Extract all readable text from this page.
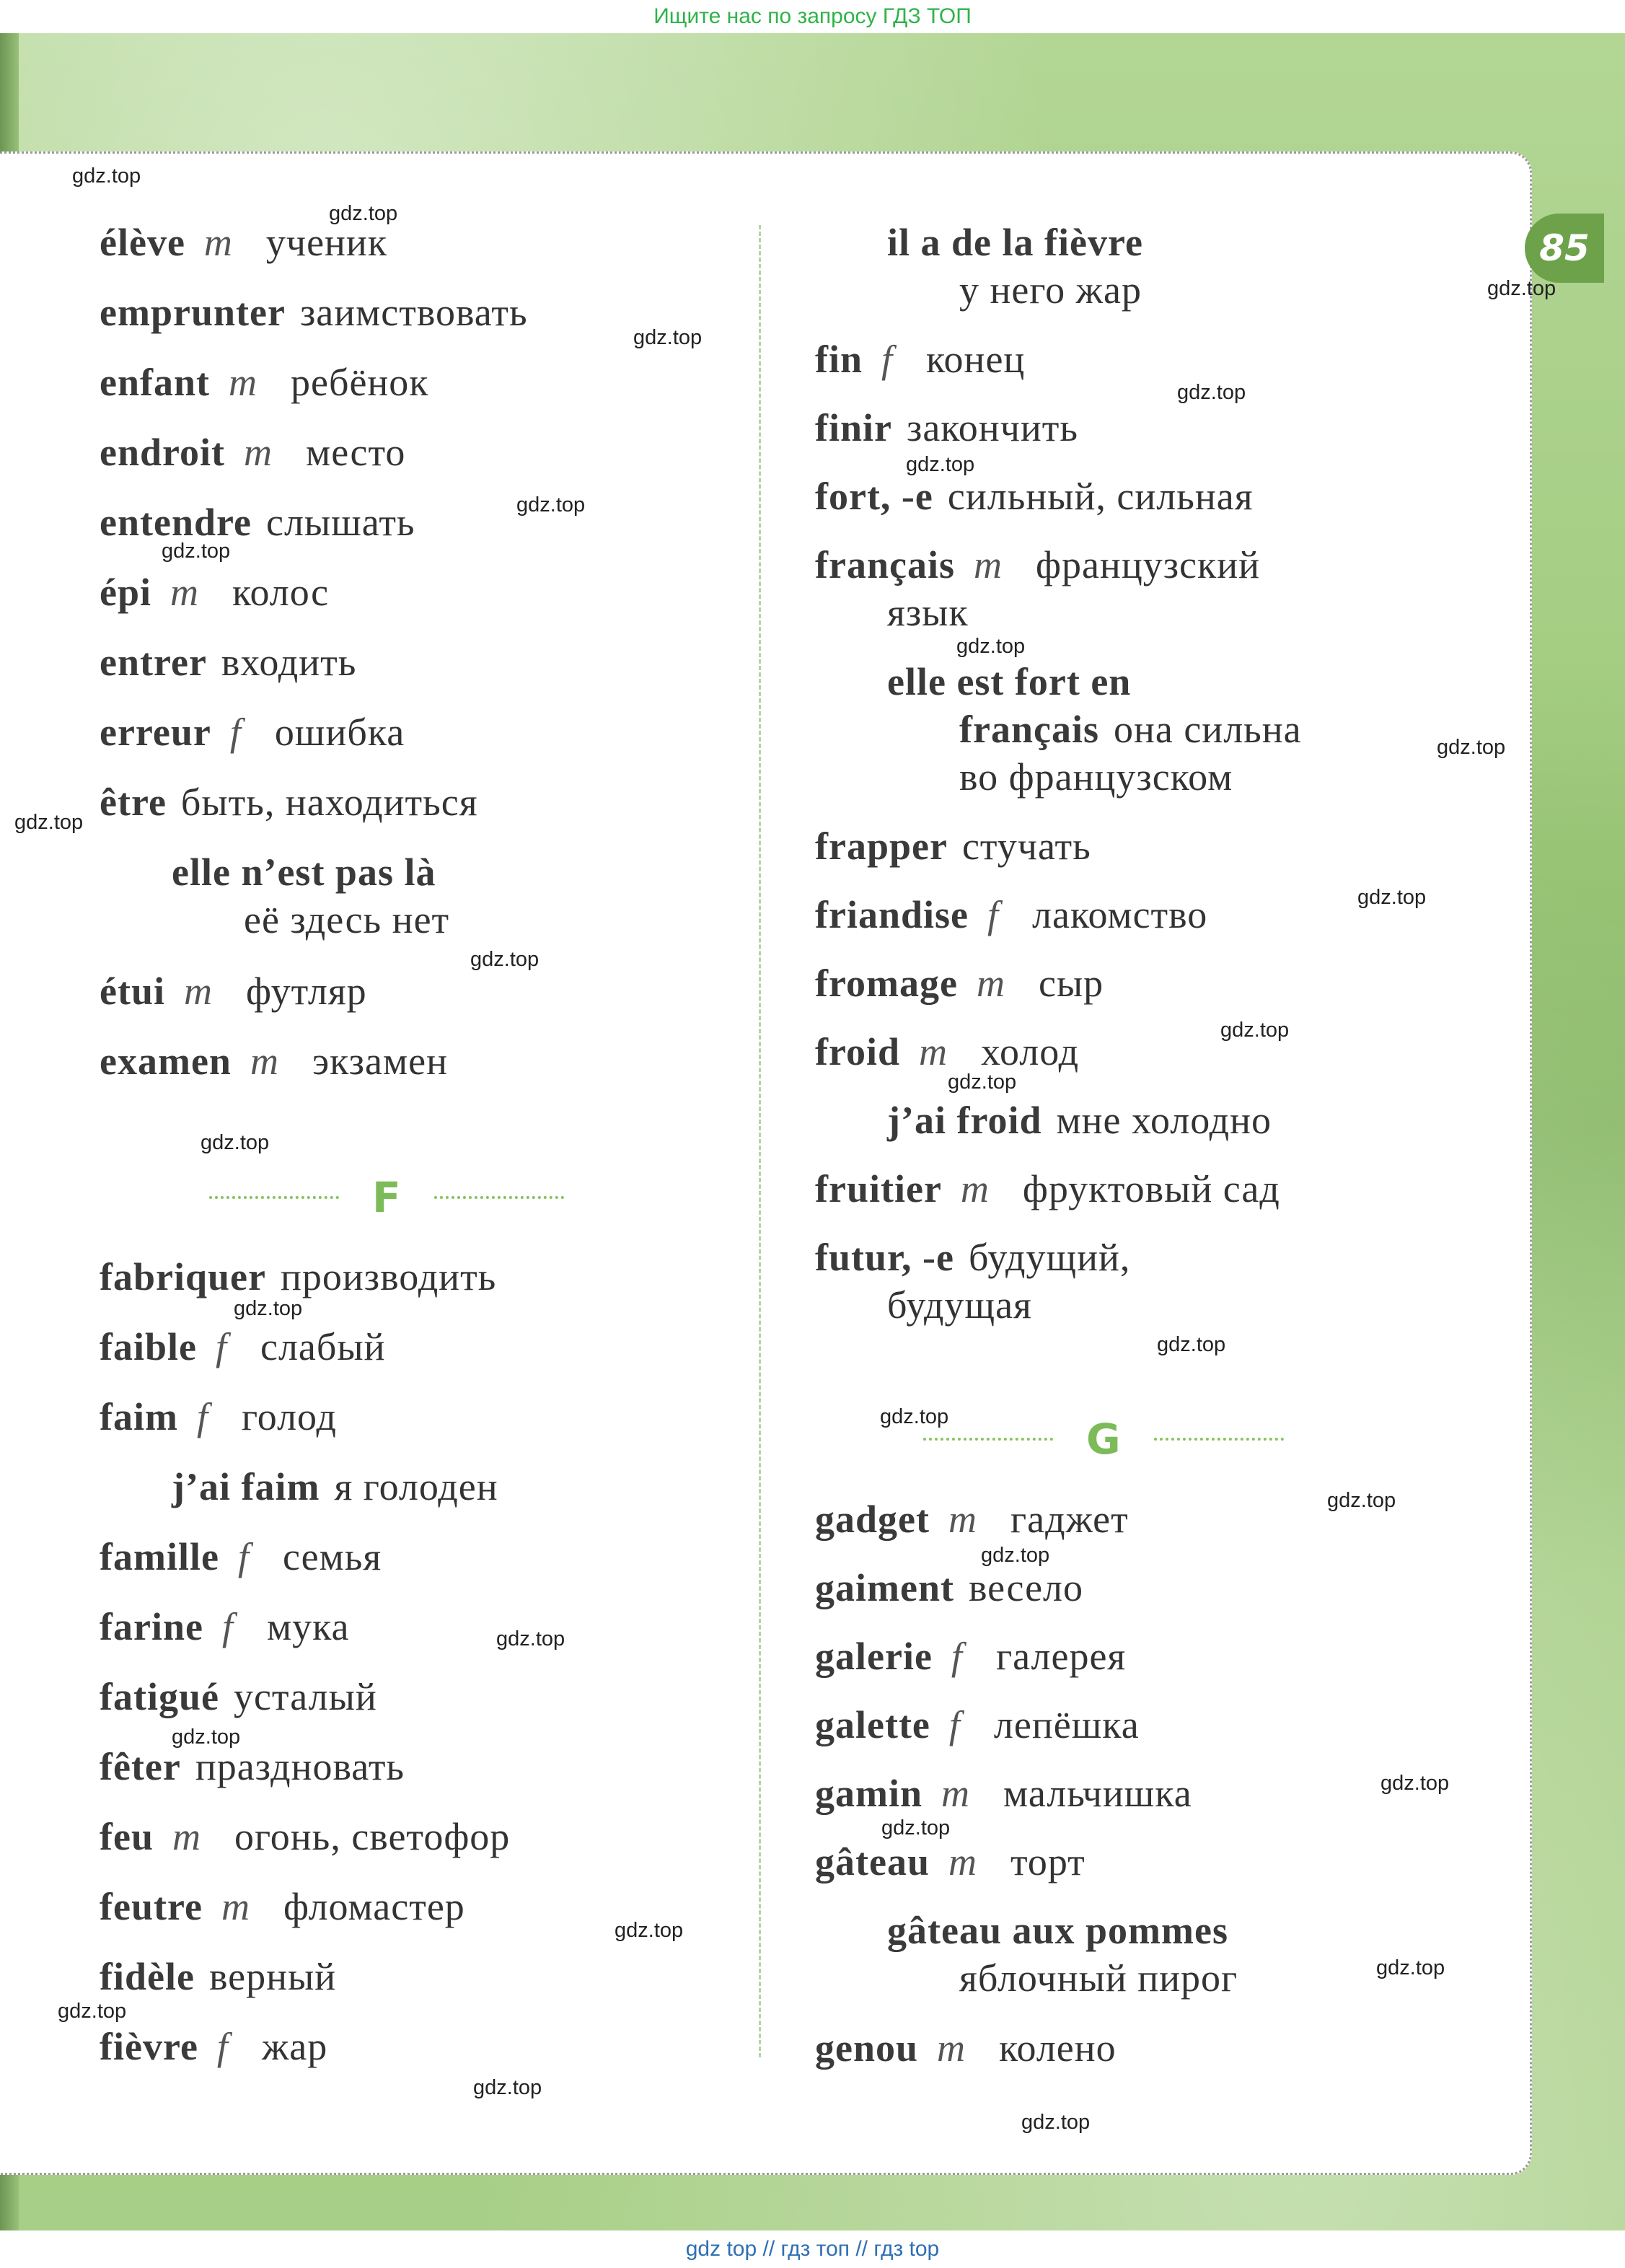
Ищите нас по запросу ГДЗ ТОП
85
élève m ученик
emprunter заимствовать
enfant m ребёнок
endroit m место
entendre слышать
épi m колос
entrer входить
erreur f ошибка
être быть, находиться
elle n’est pas là
её здесь нет
étui m футляр
examen m экзамен
F
fabriquer производить
faible f слабый
faim f голод
j’ai faim я голоден
famille f семья
farine f мука
fatigué усталый
fêter праздновать
feu m огонь, светофор
feutre m фломастер
fidèle верный
fièvre f жар
il a de la fièvre
у него жар
fin f конец
finir закончить
fort, -e сильный, сильная
français m французский
язык
elle est fort en
français она сильна
во французском
frapper стучать
friandise f лакомство
fromage m сыр
froid m холод
j’ai froid мне холодно
fruitier m фруктовый сад
futur, -e будущий,
будущая
G
gadget m гаджет
gaiment весело
galerie f галерея
galette f лепёшка
gamin m мальчишка
gâteau m торт
gâteau aux pommes
яблочный пирог
genou m колено
gdz.top
gdz.top
gdz.top
gdz.top
gdz.top
gdz.top
gdz.top
gdz.top
gdz.top
gdz.top
gdz.top
gdz.top
gdz.top
gdz.top
gdz.top
gdz.top
gdz.top
gdz.top
gdz.top
gdz.top
gdz.top
gdz.top
gdz.top
gdz.top
gdz.top
gdz.top
gdz.top
gdz.top
gdz.top
gdz.top
gdz top // гдз топ // гдз top
